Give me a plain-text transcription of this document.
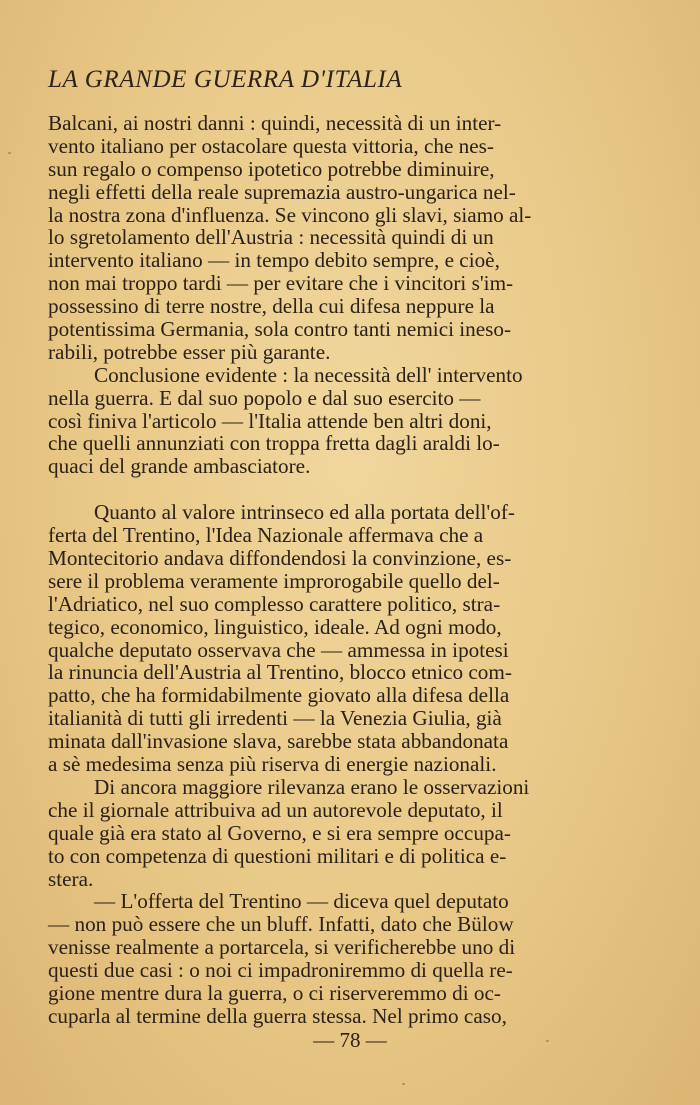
LA GRANDE GUERRA D'ITALIA
Balcani, ai nostri danni : quindi, necessità di un inter-
vento italiano per ostacolare questa vittoria, che nes-
sun regalo o compenso ipotetico potrebbe diminuire,
negli effetti della reale supremazia austro-ungarica nel-
la nostra zona d'influenza. Se vincono gli slavi, siamo al-
lo sgretolamento dell'Austria : necessità quindi di un
intervento italiano — in tempo debito sempre, e cioè,
non mai troppo tardi — per evitare che i vincitori s'im-
possessino di terre nostre, della cui difesa neppure la
potentissima Germania, sola contro tanti nemici ineso-
rabili, potrebbe esser più garante.
Conclusione evidente : la necessità dell' intervento
nella guerra. E dal suo popolo e dal suo esercito —
così finiva l'articolo — l'Italia attende ben altri doni,
che quelli annunziati con troppa fretta dagli araldi lo-
quaci del grande ambasciatore.
Quanto al valore intrinseco ed alla portata dell'of-
ferta del Trentino, l'Idea Nazionale affermava che a
Montecitorio andava diffondendosi la convinzione, es-
sere il problema veramente improrogabile quello del-
l'Adriatico, nel suo complesso carattere politico, stra-
tegico, economico, linguistico, ideale. Ad ogni modo,
qualche deputato osservava che — ammessa in ipotesi
la rinuncia dell'Austria al Trentino, blocco etnico com-
patto, che ha formidabilmente giovato alla difesa della
italianità di tutti gli irredenti — la Venezia Giulia, già
minata dall'invasione slava, sarebbe stata abbandonata
a sè medesima senza più riserva di energie nazionali.
Di ancora maggiore rilevanza erano le osservazioni
che il giornale attribuiva ad un autorevole deputato, il
quale già era stato al Governo, e si era sempre occupa-
to con competenza di questioni militari e di politica e-
stera.
— L'offerta del Trentino — diceva quel deputato
— non può essere che un bluff. Infatti, dato che Bülow
venisse realmente a portarcela, si verificherebbe uno di
questi due casi : o noi ci impadroniremmo di quella re-
gione mentre dura la guerra, o ci riserveremmo di oc-
cuparla al termine della guerra stessa. Nel primo caso,
— 78 —
